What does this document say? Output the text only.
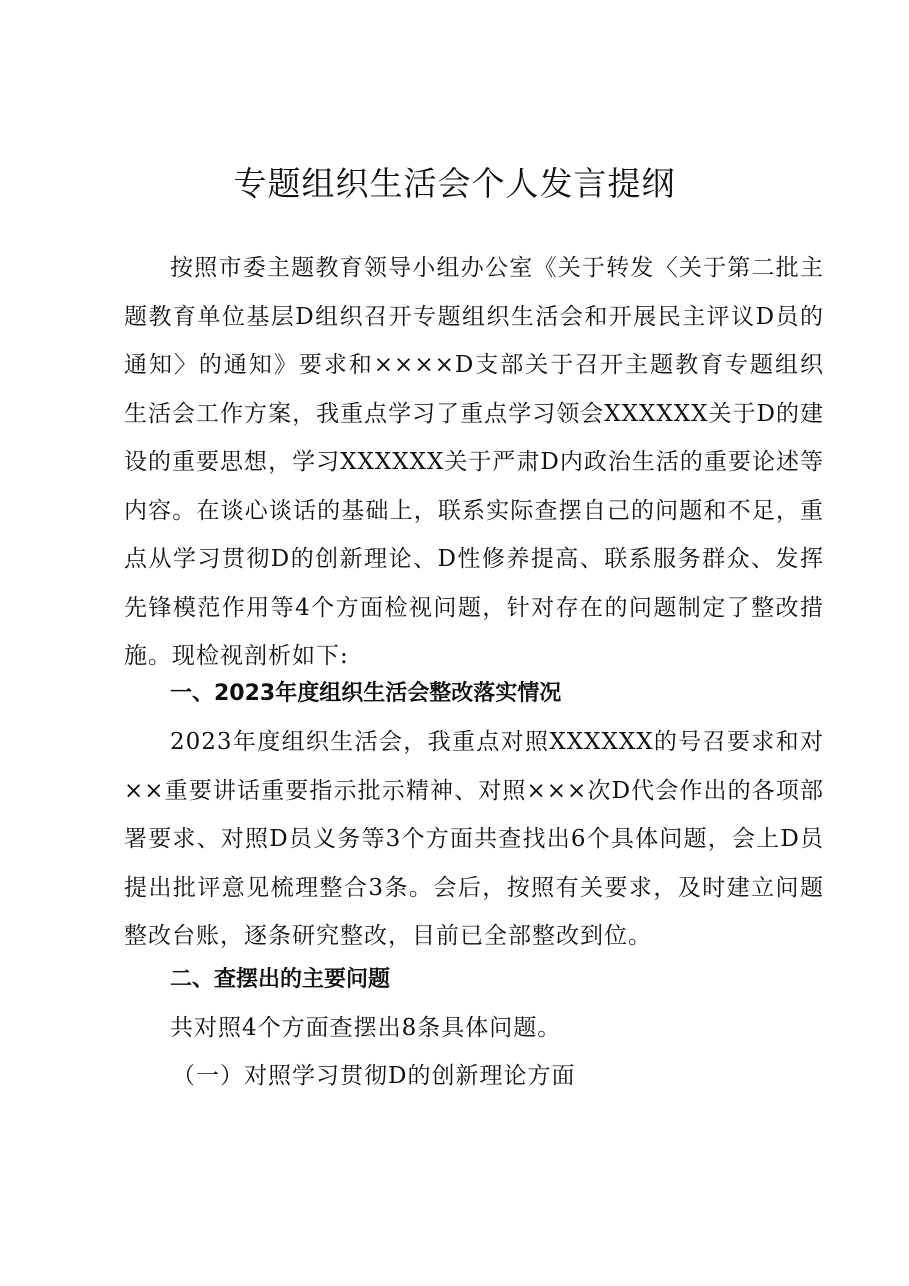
专题组织生活会个人发言提纲

按照市委主题教育领导小组办公室《关于转发〈关于第二批主题教育单位基层D组织召开专题组织生活会和开展民主评议D员的通知〉的通知》要求和××××D支部关于召开主题教育专题组织生活会工作方案，我重点学习了重点学习领会XXXXXX关于D的建设的重要思想，学习XXXXXX关于严肃D内政治生活的重要论述等内容。在谈心谈话的基础上，联系实际查摆自己的问题和不足，重点从学习贯彻D的创新理论、D性修养提高、联系服务群众、发挥先锋模范作用等4个方面检视问题，针对存在的问题制定了整改措施。现检视剖析如下:

一、2023年度组织生活会整改落实情况

2023年度组织生活会，我重点对照XXXXXX的号召要求和对××重要讲话重要指示批示精神、对照×××次D代会作出的各项部署要求、对照D员义务等3个方面共查找出6个具体问题，会上D员提出批评意见梳理整合3条。会后，按照有关要求，及时建立问题整改台账，逐条研究整改，目前已全部整改到位。

二、查摆出的主要问题

共对照4个方面查摆出8条具体问题。

（一）对照学习贯彻D的创新理论方面
